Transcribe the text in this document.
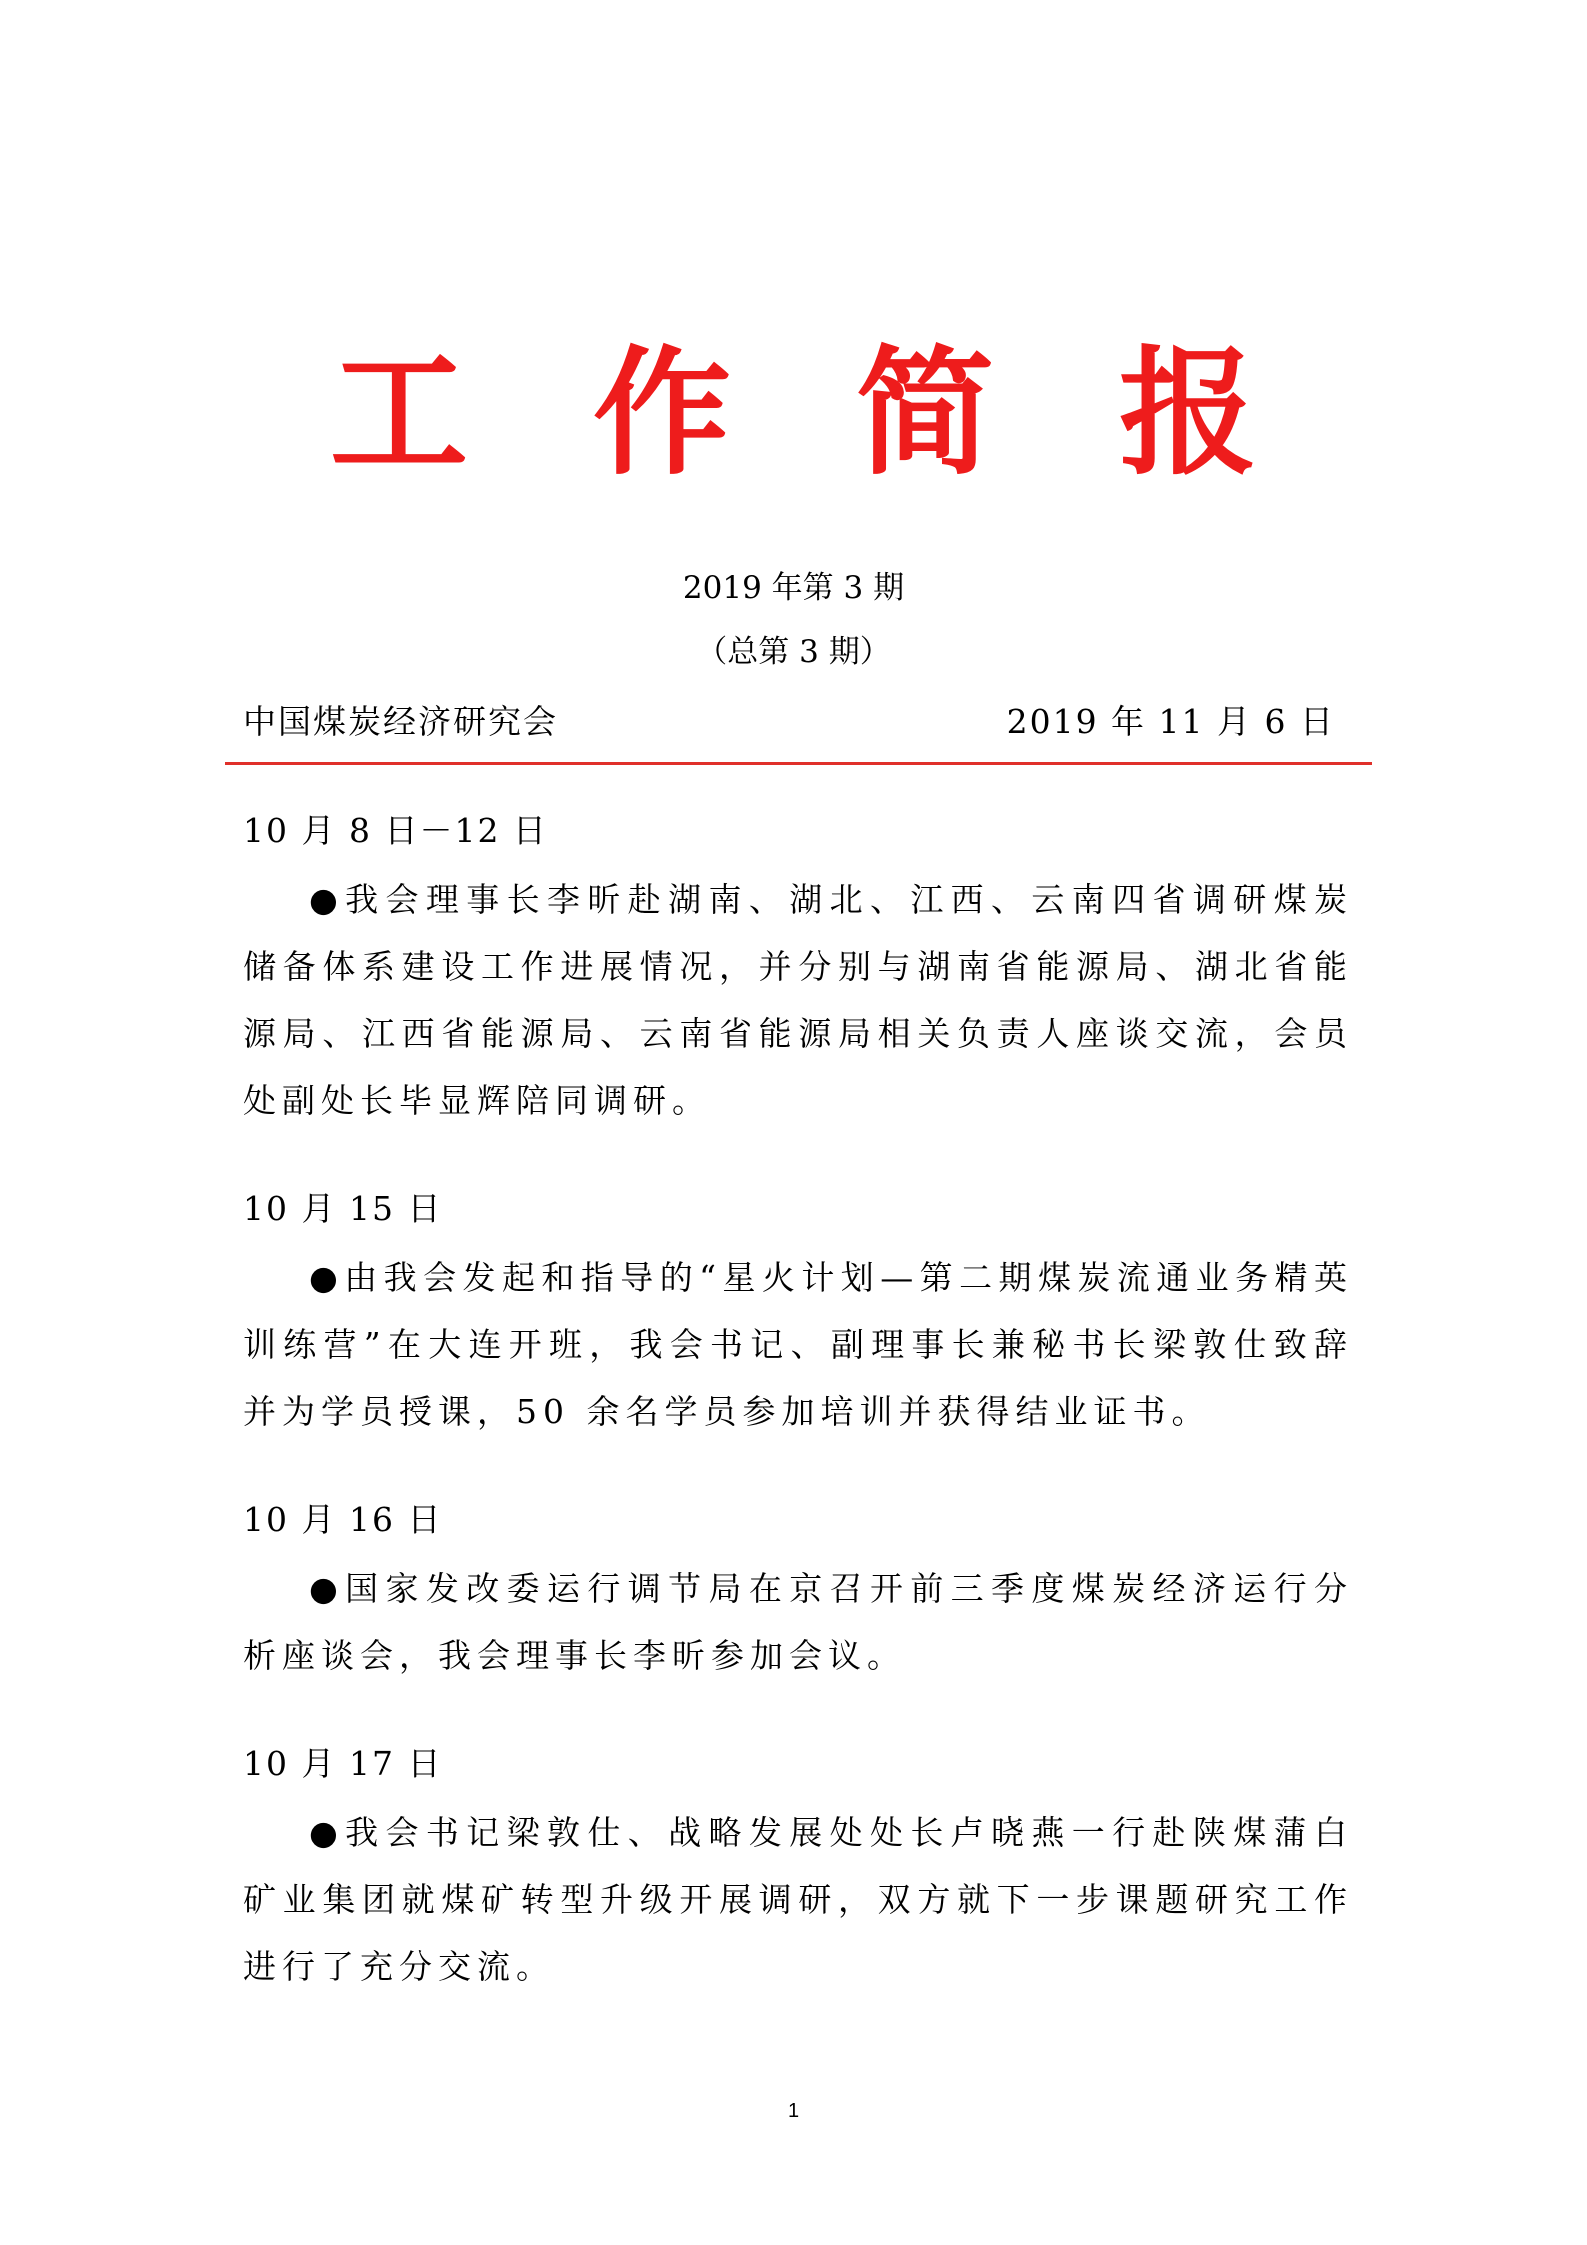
工作简报
2019 年第 3 期
（总第 3 期）
中国煤炭经济研究会	2019 年 11 月 6 日

10 月 8 日－12 日

●我会理事长李昕赴湖南、湖北、江西、云南四省调研煤炭储备体系建设工作进展情况，并分别与湖南省能源局、湖北省能源局、江西省能源局、云南省能源局相关负责人座谈交流，会员处副处长毕显辉陪同调研。

10 月 15 日

●由我会发起和指导的“星火计划—第二期煤炭流通业务精英训练营”在大连开班，我会书记、副理事长兼秘书长梁敦仕致辞并为学员授课，50 余名学员参加培训并获得结业证书。

10 月 16 日

●国家发改委运行调节局在京召开前三季度煤炭经济运行分析座谈会，我会理事长李昕参加会议。

10 月 17 日

●我会书记梁敦仕、战略发展处处长卢晓燕一行赴陕煤蒲白矿业集团就煤矿转型升级开展调研，双方就下一步课题研究工作进行了充分交流。

1
